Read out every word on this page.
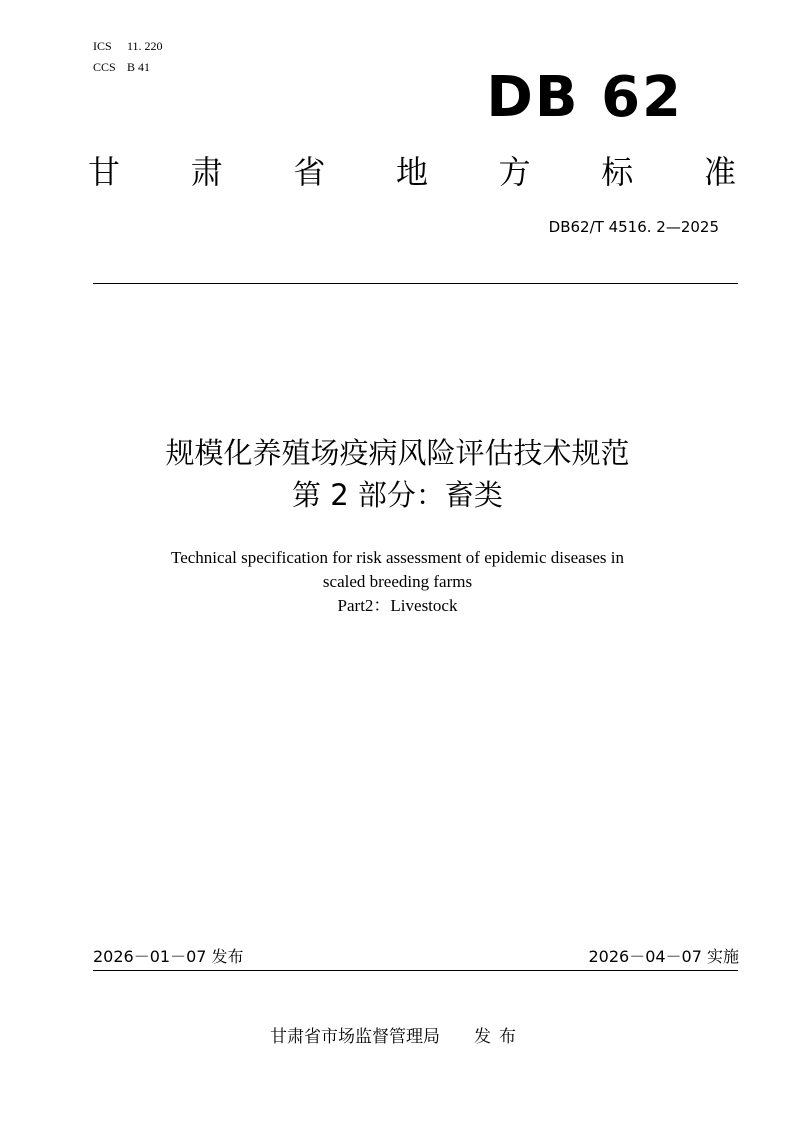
ICS 11. 220
CCS B 41	DB 62
甘 肃 省 地 方 标 准
DB62/T 4516. 2—2025
规模化养殖场疫病风险评估技术规范
第 2 部分：畜类
Technical specification for risk assessment of epidemic diseases in
scaled breeding farms
Part2：Livestock
2026－01－07 发布	2026－04－07 实施
甘肃省市场监督管理局 发布
